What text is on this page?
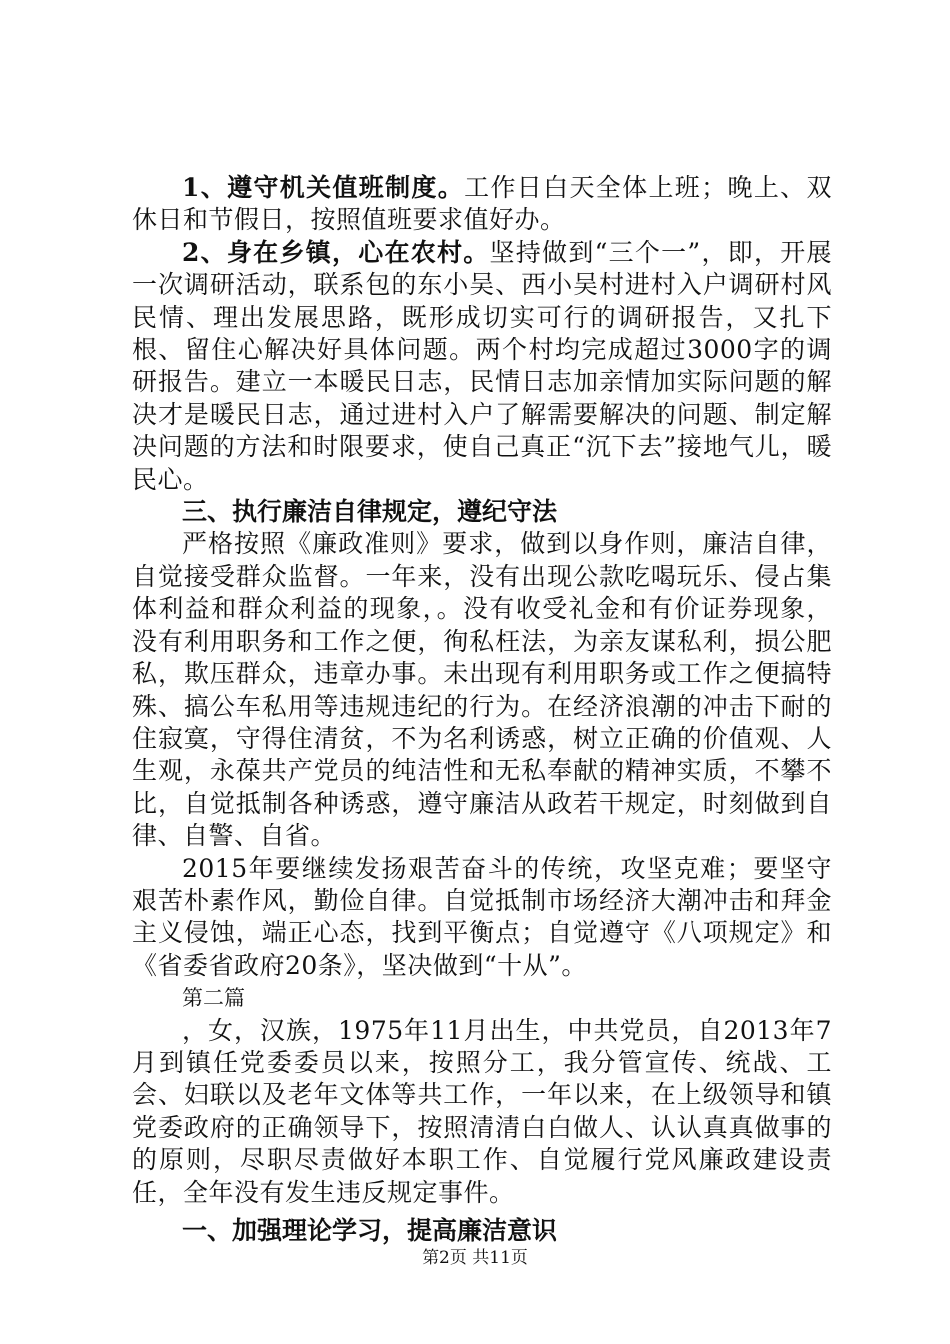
1、遵守机关值班制度。工作日白天全体上班；晚上、双休日和节假日，按照值班要求值好办。

2、身在乡镇，心在农村。坚持做到“三个一”，即，开展一次调研活动，联系包的东小吴、西小吴村进村入户调研村风民情、理出发展思路，既形成切实可行的调研报告，又扎下根、留住心解决好具体问题。两个村均完成超过3000字的调研报告。建立一本暖民日志，民情日志加亲情加实际问题的解决才是暖民日志，通过进村入户了解需要解决的问题、制定解决问题的方法和时限要求，使自己真正“沉下去”接地气儿，暖民心。

三、执行廉洁自律规定，遵纪守法

严格按照《廉政准则》要求，做到以身作则，廉洁自律，自觉接受群众监督。一年来，没有出现公款吃喝玩乐、侵占集体利益和群众利益的现象，。没有收受礼金和有价证券现象，没有利用职务和工作之便，徇私枉法，为亲友谋私利，损公肥私，欺压群众，违章办事。未出现有利用职务或工作之便搞特殊、搞公车私用等违规违纪的行为。在经济浪潮的冲击下耐的住寂寞，守得住清贫，不为名利诱惑，树立正确的价值观、人生观，永葆共产党员的纯洁性和无私奉献的精神实质，不攀不比，自觉抵制各种诱惑，遵守廉洁从政若干规定，时刻做到自律、自警、自省。

2015年要继续发扬艰苦奋斗的传统，攻坚克难；要坚守艰苦朴素作风，勤俭自律。自觉抵制市场经济大潮冲击和拜金主义侵蚀，端正心态，找到平衡点；自觉遵守《八项规定》和《省委省政府20条》，坚决做到“十从”。

第二篇

，女，汉族，1975年11月出生，中共党员，自2013年7月到镇任党委委员以来，按照分工，我分管宣传、统战、工会、妇联以及老年文体等共工作，一年以来，在上级领导和镇党委政府的正确领导下，按照清清白白做人、认认真真做事的的原则，尽职尽责做好本职工作、自觉履行党风廉政建设责任，全年没有发生违反规定事件。

一、加强理论学习，提高廉洁意识

第2页 共11页
